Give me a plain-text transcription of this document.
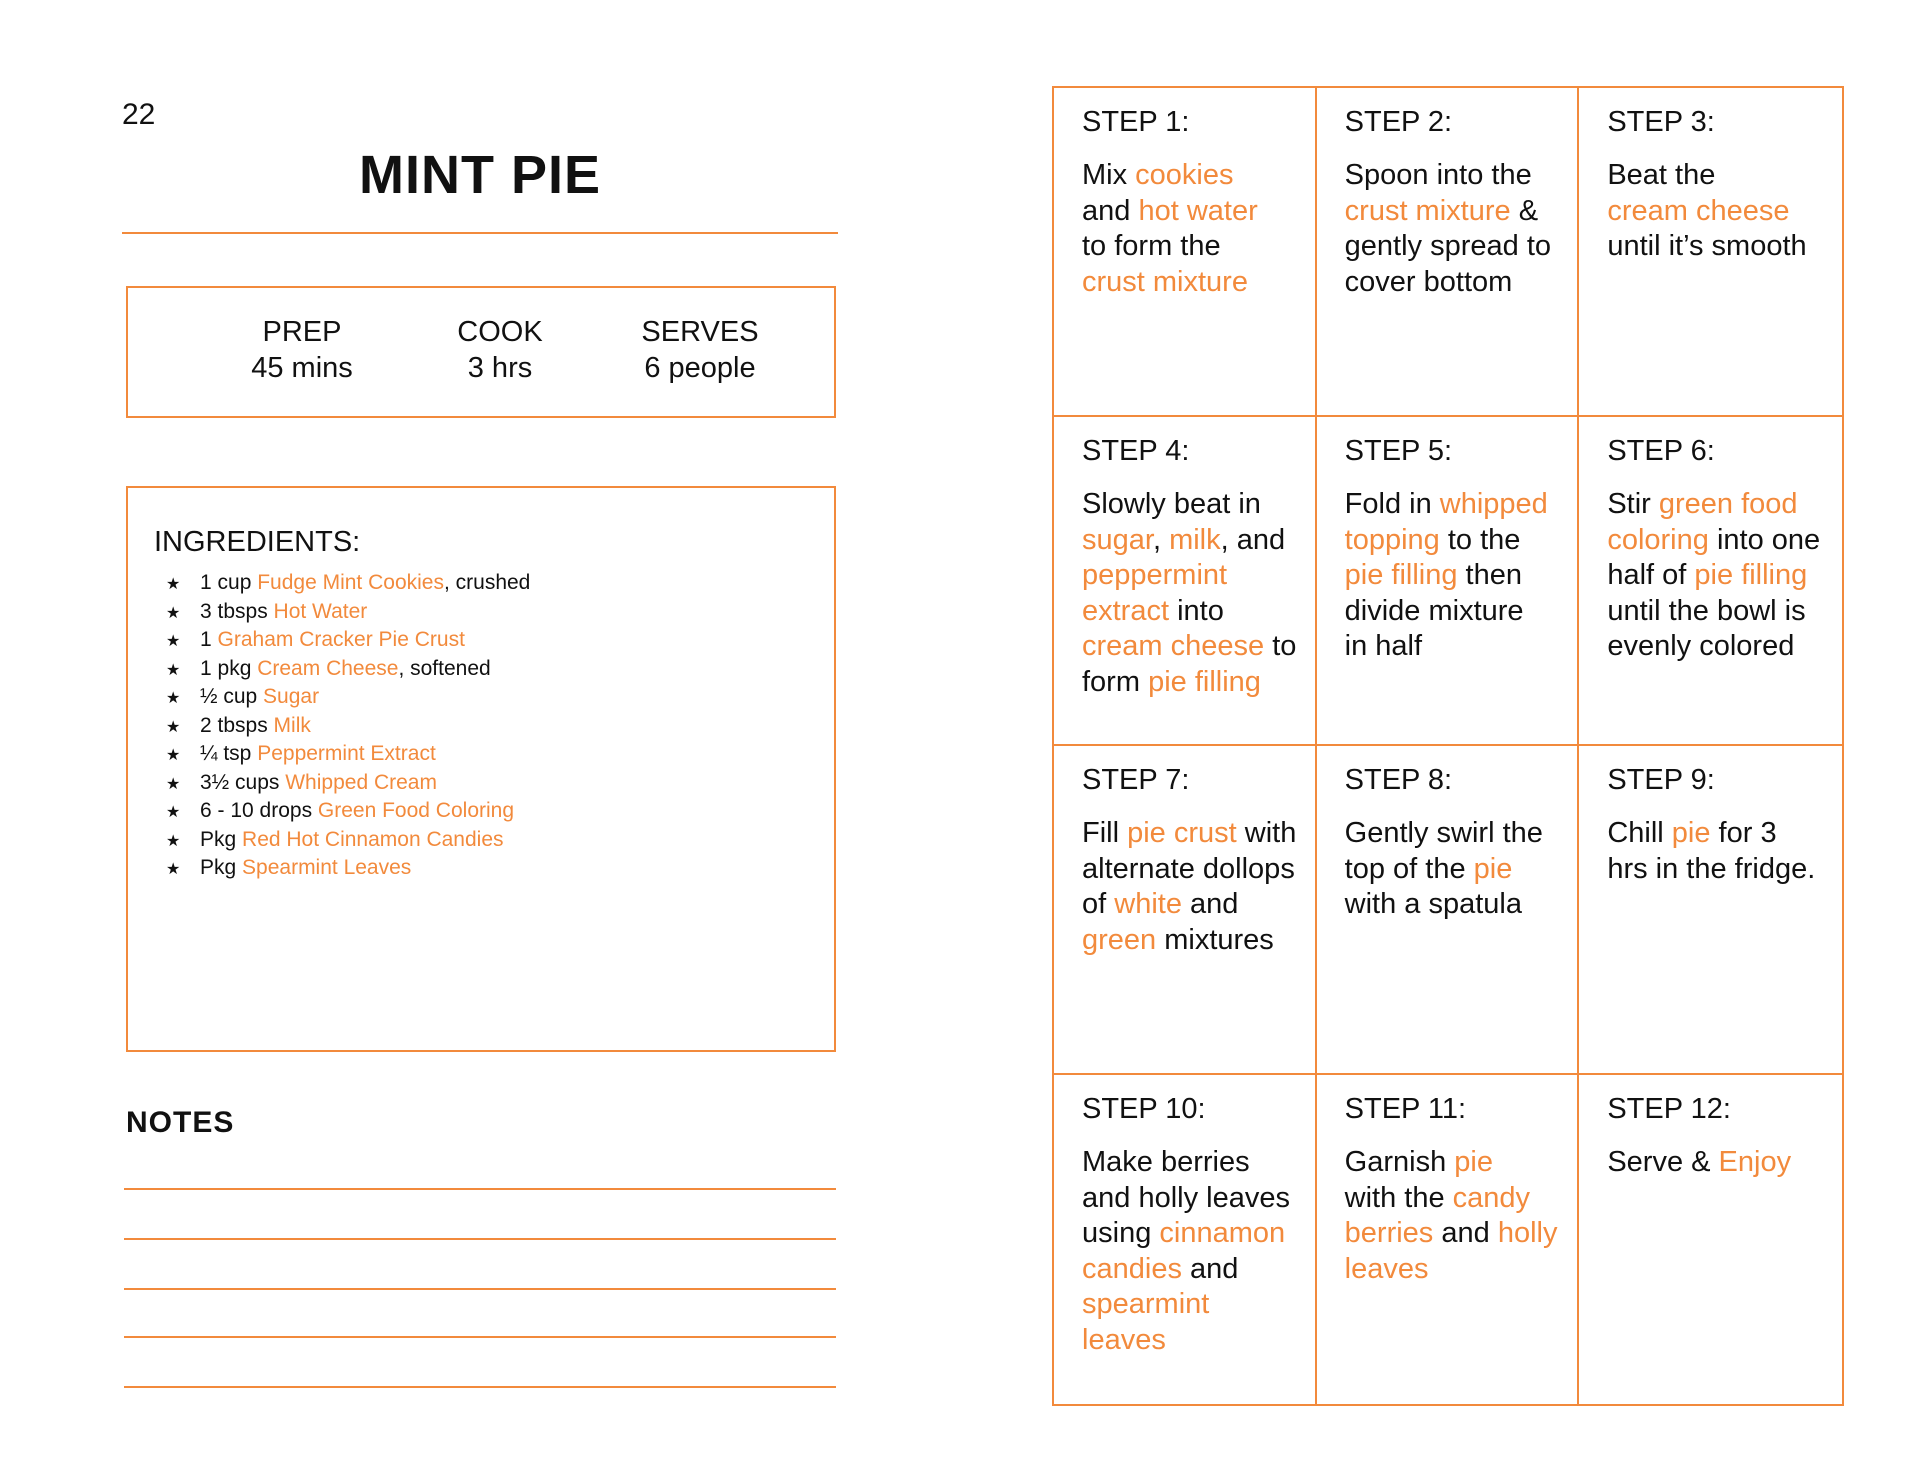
22
MINT PIE
PREP
45 mins
COOK
3 hrs
SERVES
6 people
INGREDIENTS:
★ 1 cup Fudge Mint Cookies, crushed
★ 3 tbsps Hot Water
★ 1 Graham Cracker Pie Crust
★ 1 pkg Cream Cheese, softened
★ ½ cup Sugar
★ 2 tbsps Milk
★ ¼ tsp Peppermint Extract
★ 3½ cups Whipped Cream
★ 6 - 10 drops Green Food Coloring
★ Pkg Red Hot Cinnamon Candies
★ Pkg Spearmint Leaves
NOTES
STEP 1:
Mix cookies
and hot water
to form the
crust mixture
STEP 2:
Spoon into the
crust mixture &
gently spread to
cover bottom
STEP 3:
Beat the
cream cheese
until it’s smooth
STEP 4:
Slowly beat in
sugar, milk, and
peppermint
extract into
cream cheese to
form pie filling
STEP 5:
Fold in whipped
topping to the
pie filling then
divide mixture
in half
STEP 6:
Stir green food
coloring into one
half of pie filling
until the bowl is
evenly colored
STEP 7:
Fill pie crust with
alternate dollops
of white and
green mixtures
STEP 8:
Gently swirl the
top of the pie
with a spatula
STEP 9:
Chill pie for 3
hrs in the fridge.
STEP 10:
Make berries
and holly leaves
using cinnamon
candies and
spearmint leaves
STEP 11:
Garnish pie
with the candy
berries and holly
leaves
STEP 12:
Serve & Enjoy
